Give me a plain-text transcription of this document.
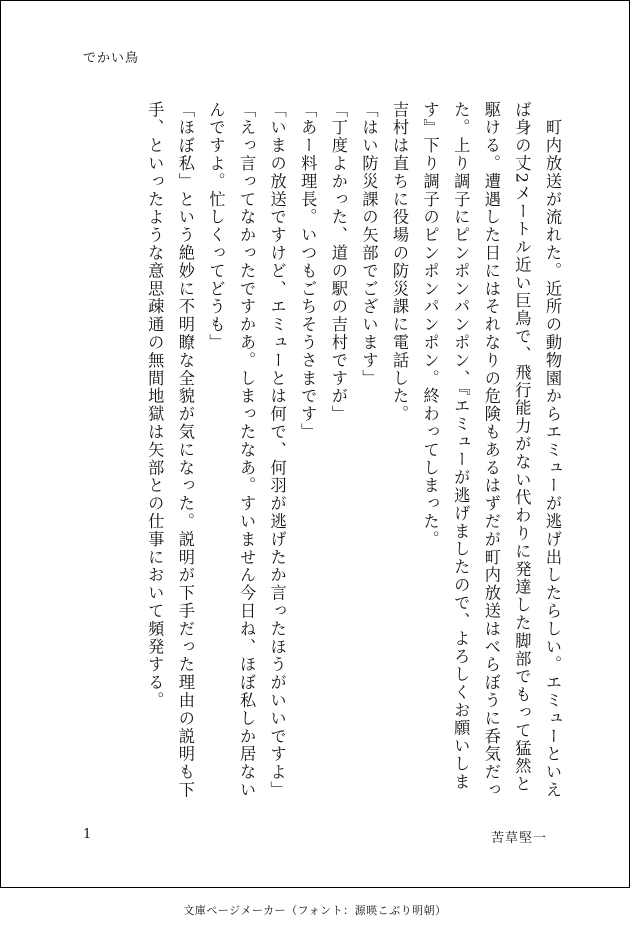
でかい鳥

　町内放送が流れた。近所の動物園からエミューが逃げ出したらしい。エミューといえば身の丈2メートル近い巨鳥で、飛行能力がない代わりに発達した脚部でもって猛然と駆ける。遭遇した日にはそれなりの危険もあるはずだが町内放送はべらぼうに呑気だった。上り調子にピンポンパンポン、『エミューが逃げましたので、よろしくお願いします』下り調子のピンポンパンポン。終わってしまった。

吉村は直ちに役場の防災課に電話した。

「はい防災課の矢部でございます」

「丁度よかった、道の駅の吉村ですが」

「あー料理長。いつもごちそうさまです」

「いまの放送ですけど、エミューとは何で、何羽が逃げたか言ったほうがいいですよ」

「えっ言ってなかったですかあ。しまったなあ。すいません今日ね、ほぼ私しか居ないんですよ。忙しくってどうも」

「ほぼ私」という絶妙に不明瞭な全貌が気になった。説明が下手だった理由の説明も下手、といったような意思疎通の無間地獄は矢部との仕事において頻発する。

1	苦草堅一
文庫ページメーカー（フォント：源暎こぶり明朝）
